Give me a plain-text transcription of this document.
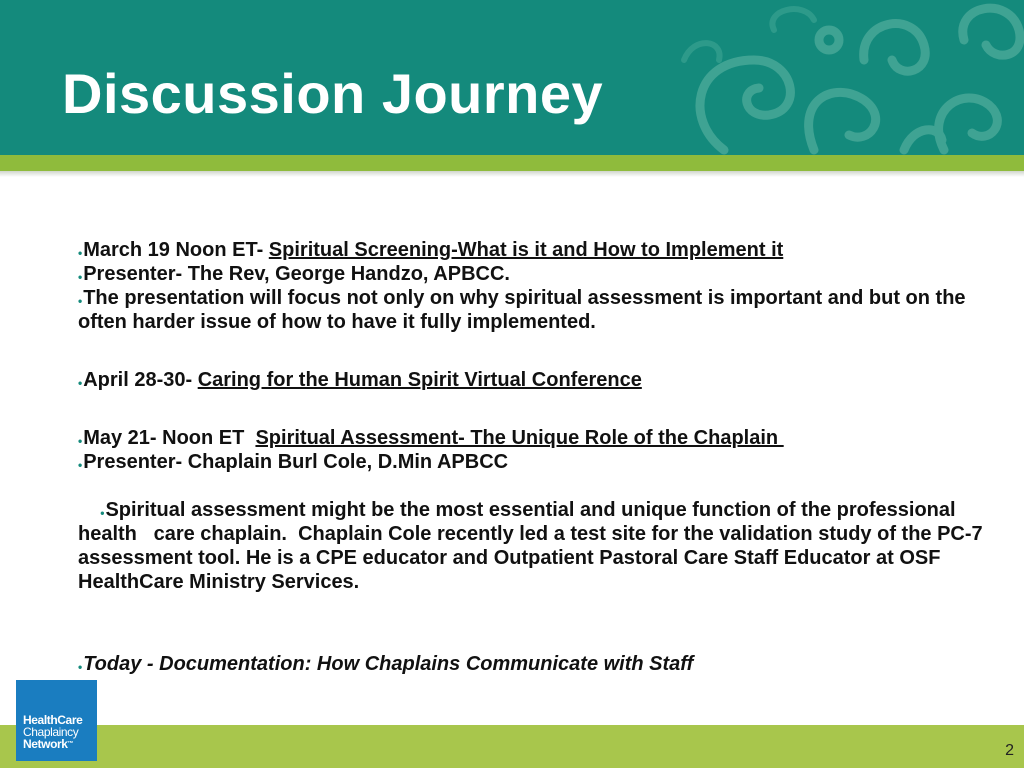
Discussion Journey
•March 19 Noon ET- Spiritual Screening-What is it and How to Implement it
•Presenter- The Rev, George Handzo, APBCC.
•The presentation will focus not only on why spiritual assessment is important and but on the often harder issue of how to have it fully implemented.
•April 28-30- Caring for the Human Spirit Virtual Conference
•May 21- Noon ET  Spiritual Assessment- The Unique Role of the Chaplain
•Presenter- Chaplain Burl Cole, D.Min APBCC

•Spiritual assessment might be the most essential and unique function of the professional health   care chaplain.  Chaplain Cole recently led a test site for the validation study of the PC-7 assessment tool. He is a CPE educator and Outpatient Pastoral Care Staff Educator at OSF HealthCare Ministry Services.

•Today - Documentation: How Chaplains Communicate with Staff
HealthCare
Chaplaincy
Network™	2
